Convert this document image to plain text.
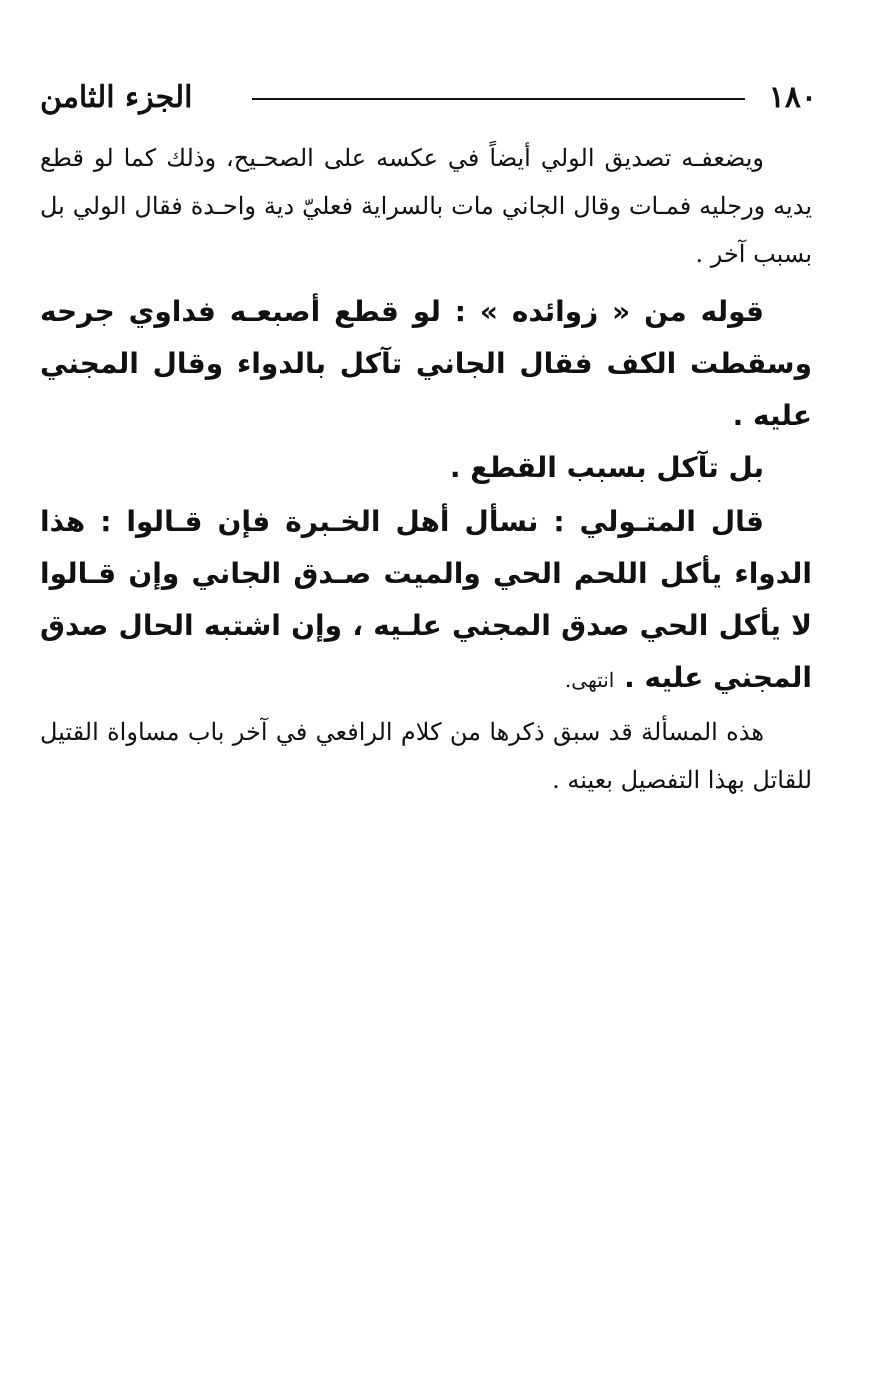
١٨٠
الجزء الثامن

ويضعفـه تصديق الولي أيضاً في عكسه على الصحـيح، وذلك كما لو قطع يديه ورجليه فمـات وقال الجاني مات بالسراية فعليّ دية واحـدة فقال الولي بل بسبب آخر .

قوله من « زوائده » : لو قطع أصبعـه فداوي جرحه وسقطت الكف فقال الجاني تآكل بالدواء وقال المجني عليه .

بل تآكل بسبب القطع .

قال المتـولي : نسأل أهل الخـبرة فإن قـالوا : هذا الدواء يأكل اللحم الحي والميت صـدق الجاني وإن قـالوا لا يأكل الحي صدق المجني علـيه ، وإن اشتبه الحال صدق المجني عليه . انتهى.

هذه المسألة قد سبق ذكرها من كلام الرافعي في آخر باب مساواة القتيل للقاتل بهذا التفصيل بعينه .
